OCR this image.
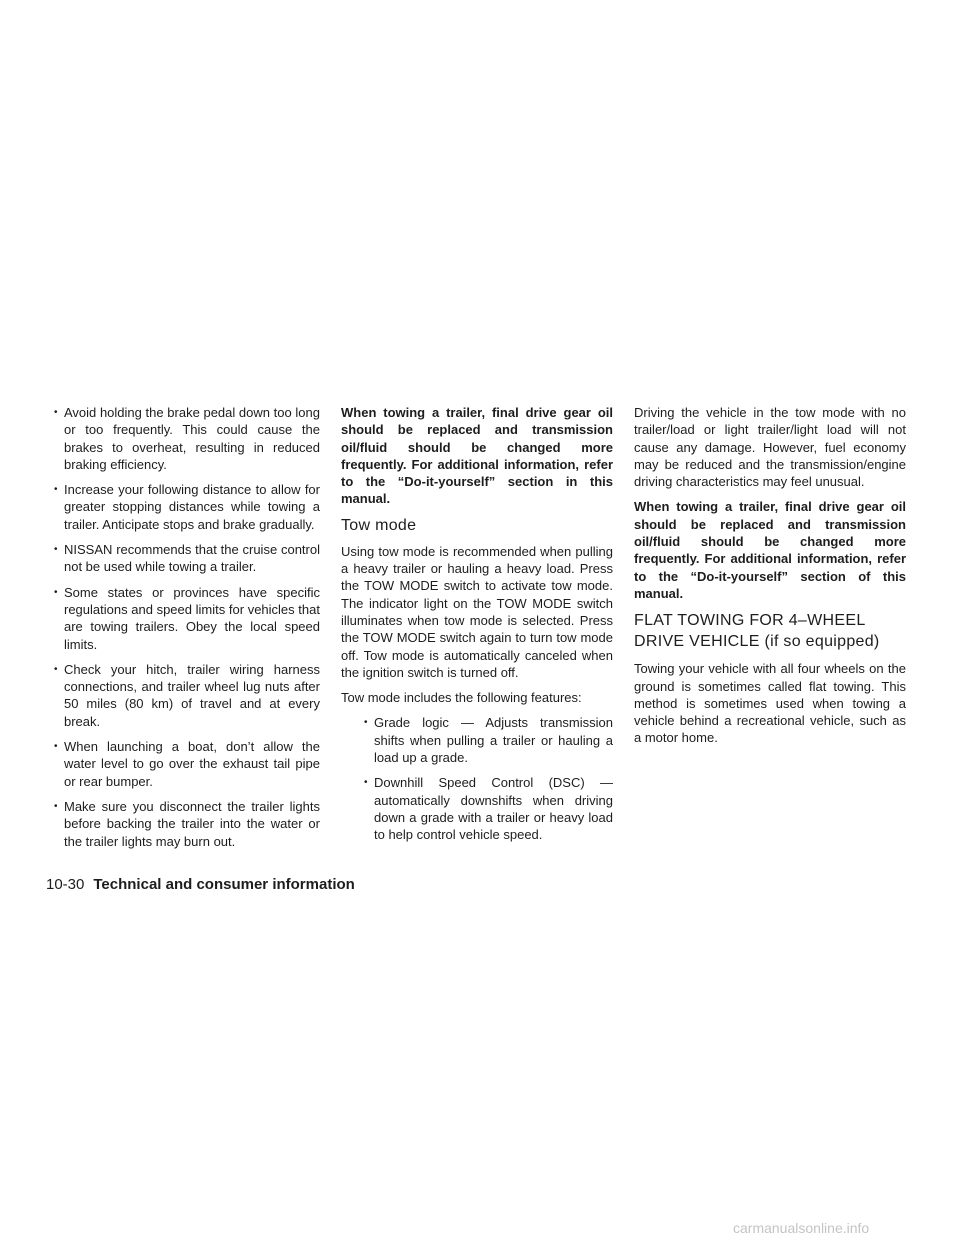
• Avoid holding the brake pedal down too long or too frequently. This could cause the brakes to overheat, resulting in reduced braking efficiency.
• Increase your following distance to allow for greater stopping distances while towing a trailer. Anticipate stops and brake gradually.
• NISSAN recommends that the cruise control not be used while towing a trailer.
• Some states or provinces have specific regulations and speed limits for vehicles that are towing trailers. Obey the local speed limits.
• Check your hitch, trailer wiring harness connections, and trailer wheel lug nuts after 50 miles (80 km) of travel and at every break.
• When launching a boat, don’t allow the water level to go over the exhaust tail pipe or rear bumper.
• Make sure you disconnect the trailer lights before backing the trailer into the water or the trailer lights may burn out.

When towing a trailer, final drive gear oil should be replaced and transmission oil/fluid should be changed more frequently. For additional information, refer to the “Do-it-yourself” section in this manual.

Tow mode

Using tow mode is recommended when pulling a heavy trailer or hauling a heavy load. Press the TOW MODE switch to activate tow mode. The indicator light on the TOW MODE switch illuminates when tow mode is selected. Press the TOW MODE switch again to turn tow mode off. Tow mode is automatically canceled when the ignition switch is turned off.

Tow mode includes the following features:

• Grade logic — Adjusts transmission shifts when pulling a trailer or hauling a load up a grade.
• Downhill Speed Control (DSC) — automatically downshifts when driving down a grade with a trailer or heavy load to help control vehicle speed.

Driving the vehicle in the tow mode with no trailer/load or light trailer/light load will not cause any damage. However, fuel economy may be reduced and the transmission/engine driving characteristics may feel unusual.

When towing a trailer, final drive gear oil should be replaced and transmission oil/fluid should be changed more frequently. For additional information, refer to the “Do-it-yourself” section of this manual.

FLAT TOWING FOR 4–WHEEL DRIVE VEHICLE (if so equipped)

Towing your vehicle with all four wheels on the ground is sometimes called flat towing. This method is sometimes used when towing a vehicle behind a recreational vehicle, such as a motor home.

10-30 Technical and consumer information
carmanualsonline.info
